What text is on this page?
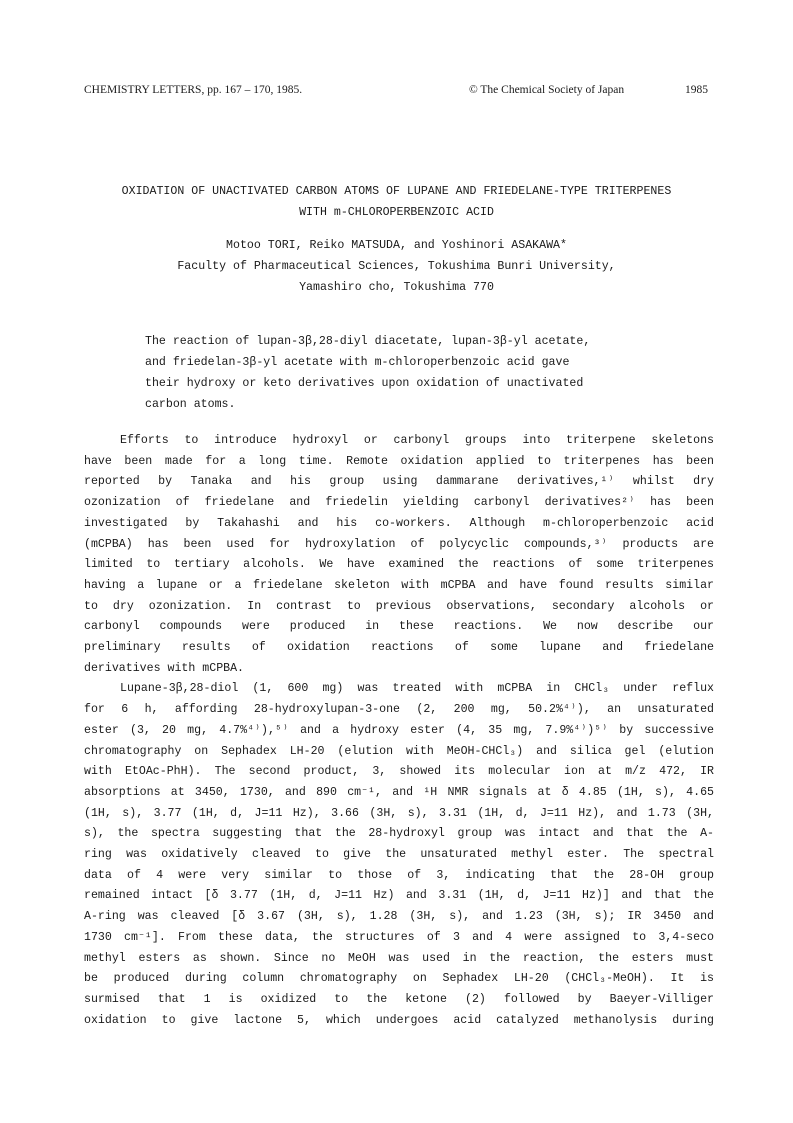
CHEMISTRY LETTERS, pp. 167 – 170, 1985.	© The Chemical Society of Japan	1985
OXIDATION OF UNACTIVATED CARBON ATOMS OF LUPANE AND FRIEDELANE-TYPE TRITERPENES
WITH m-CHLOROPERBENZOIC ACID
Motoo TORI, Reiko MATSUDA, and Yoshinori ASAKAWA*
Faculty of Pharmaceutical Sciences, Tokushima Bunri University,
Yamashiro cho, Tokushima 770
The reaction of lupan-3β,28-diyl diacetate, lupan-3β-yl acetate,
and friedelan-3β-yl acetate with m-chloroperbenzoic acid gave
their hydroxy or keto derivatives upon oxidation of unactivated
carbon atoms.
Efforts to introduce hydroxyl or carbonyl groups into triterpene skeletons
have been made for a long time. Remote oxidation applied to triterpenes has been
reported by Tanaka and his group using dammarane derivatives,¹⁾ whilst dry
ozonization of friedelane and friedelin yielding carbonyl derivatives²⁾ has been
investigated by Takahashi and his co-workers. Although m-chloroperbenzoic acid
(mCPBA) has been used for hydroxylation of polycyclic compounds,³⁾ products are
limited to tertiary alcohols. We have examined the reactions of some triterpenes
having a lupane or a friedelane skeleton with mCPBA and have found results similar
to dry ozonization. In contrast to previous observations, secondary alcohols or
carbonyl compounds were produced in these reactions. We now describe our
preliminary results of oxidation reactions of some lupane and friedelane
derivatives with mCPBA.
Lupane-3β,28-diol (1, 600 mg) was treated with mCPBA in CHCl₃ under reflux
for 6 h, affording 28-hydroxylupan-3-one (2, 200 mg, 50.2%⁴⁾), an unsaturated
ester (3, 20 mg, 4.7%⁴⁾),⁵⁾ and a hydroxy ester (4, 35 mg, 7.9%⁴⁾)⁵⁾ by successive
chromatography on Sephadex LH-20 (elution with MeOH-CHCl₃) and silica gel (elution
with EtOAc-PhH). The second product, 3, showed its molecular ion at m/z 472, IR
absorptions at 3450, 1730, and 890 cm⁻¹, and ¹H NMR signals at δ 4.85 (1H, s), 4.65
(1H, s), 3.77 (1H, d, J=11 Hz), 3.66 (3H, s), 3.31 (1H, d, J=11 Hz), and 1.73 (3H,
s), the spectra suggesting that the 28-hydroxyl group was intact and that the A-
ring was oxidatively cleaved to give the unsaturated methyl ester. The spectral
data of 4 were very similar to those of 3, indicating that the 28-OH group
remained intact [δ 3.77 (1H, d, J=11 Hz) and 3.31 (1H, d, J=11 Hz)] and that the
A-ring was cleaved [δ 3.67 (3H, s), 1.28 (3H, s), and 1.23 (3H, s); IR 3450 and
1730 cm⁻¹]. From these data, the structures of 3 and 4 were assigned to 3,4-seco
methyl esters as shown. Since no MeOH was used in the reaction, the esters must
be produced during column chromatography on Sephadex LH-20 (CHCl₃-MeOH). It is
surmised that 1 is oxidized to the ketone (2) followed by Baeyer-Villiger
oxidation to give lactone 5, which undergoes acid catalyzed methanolysis during
